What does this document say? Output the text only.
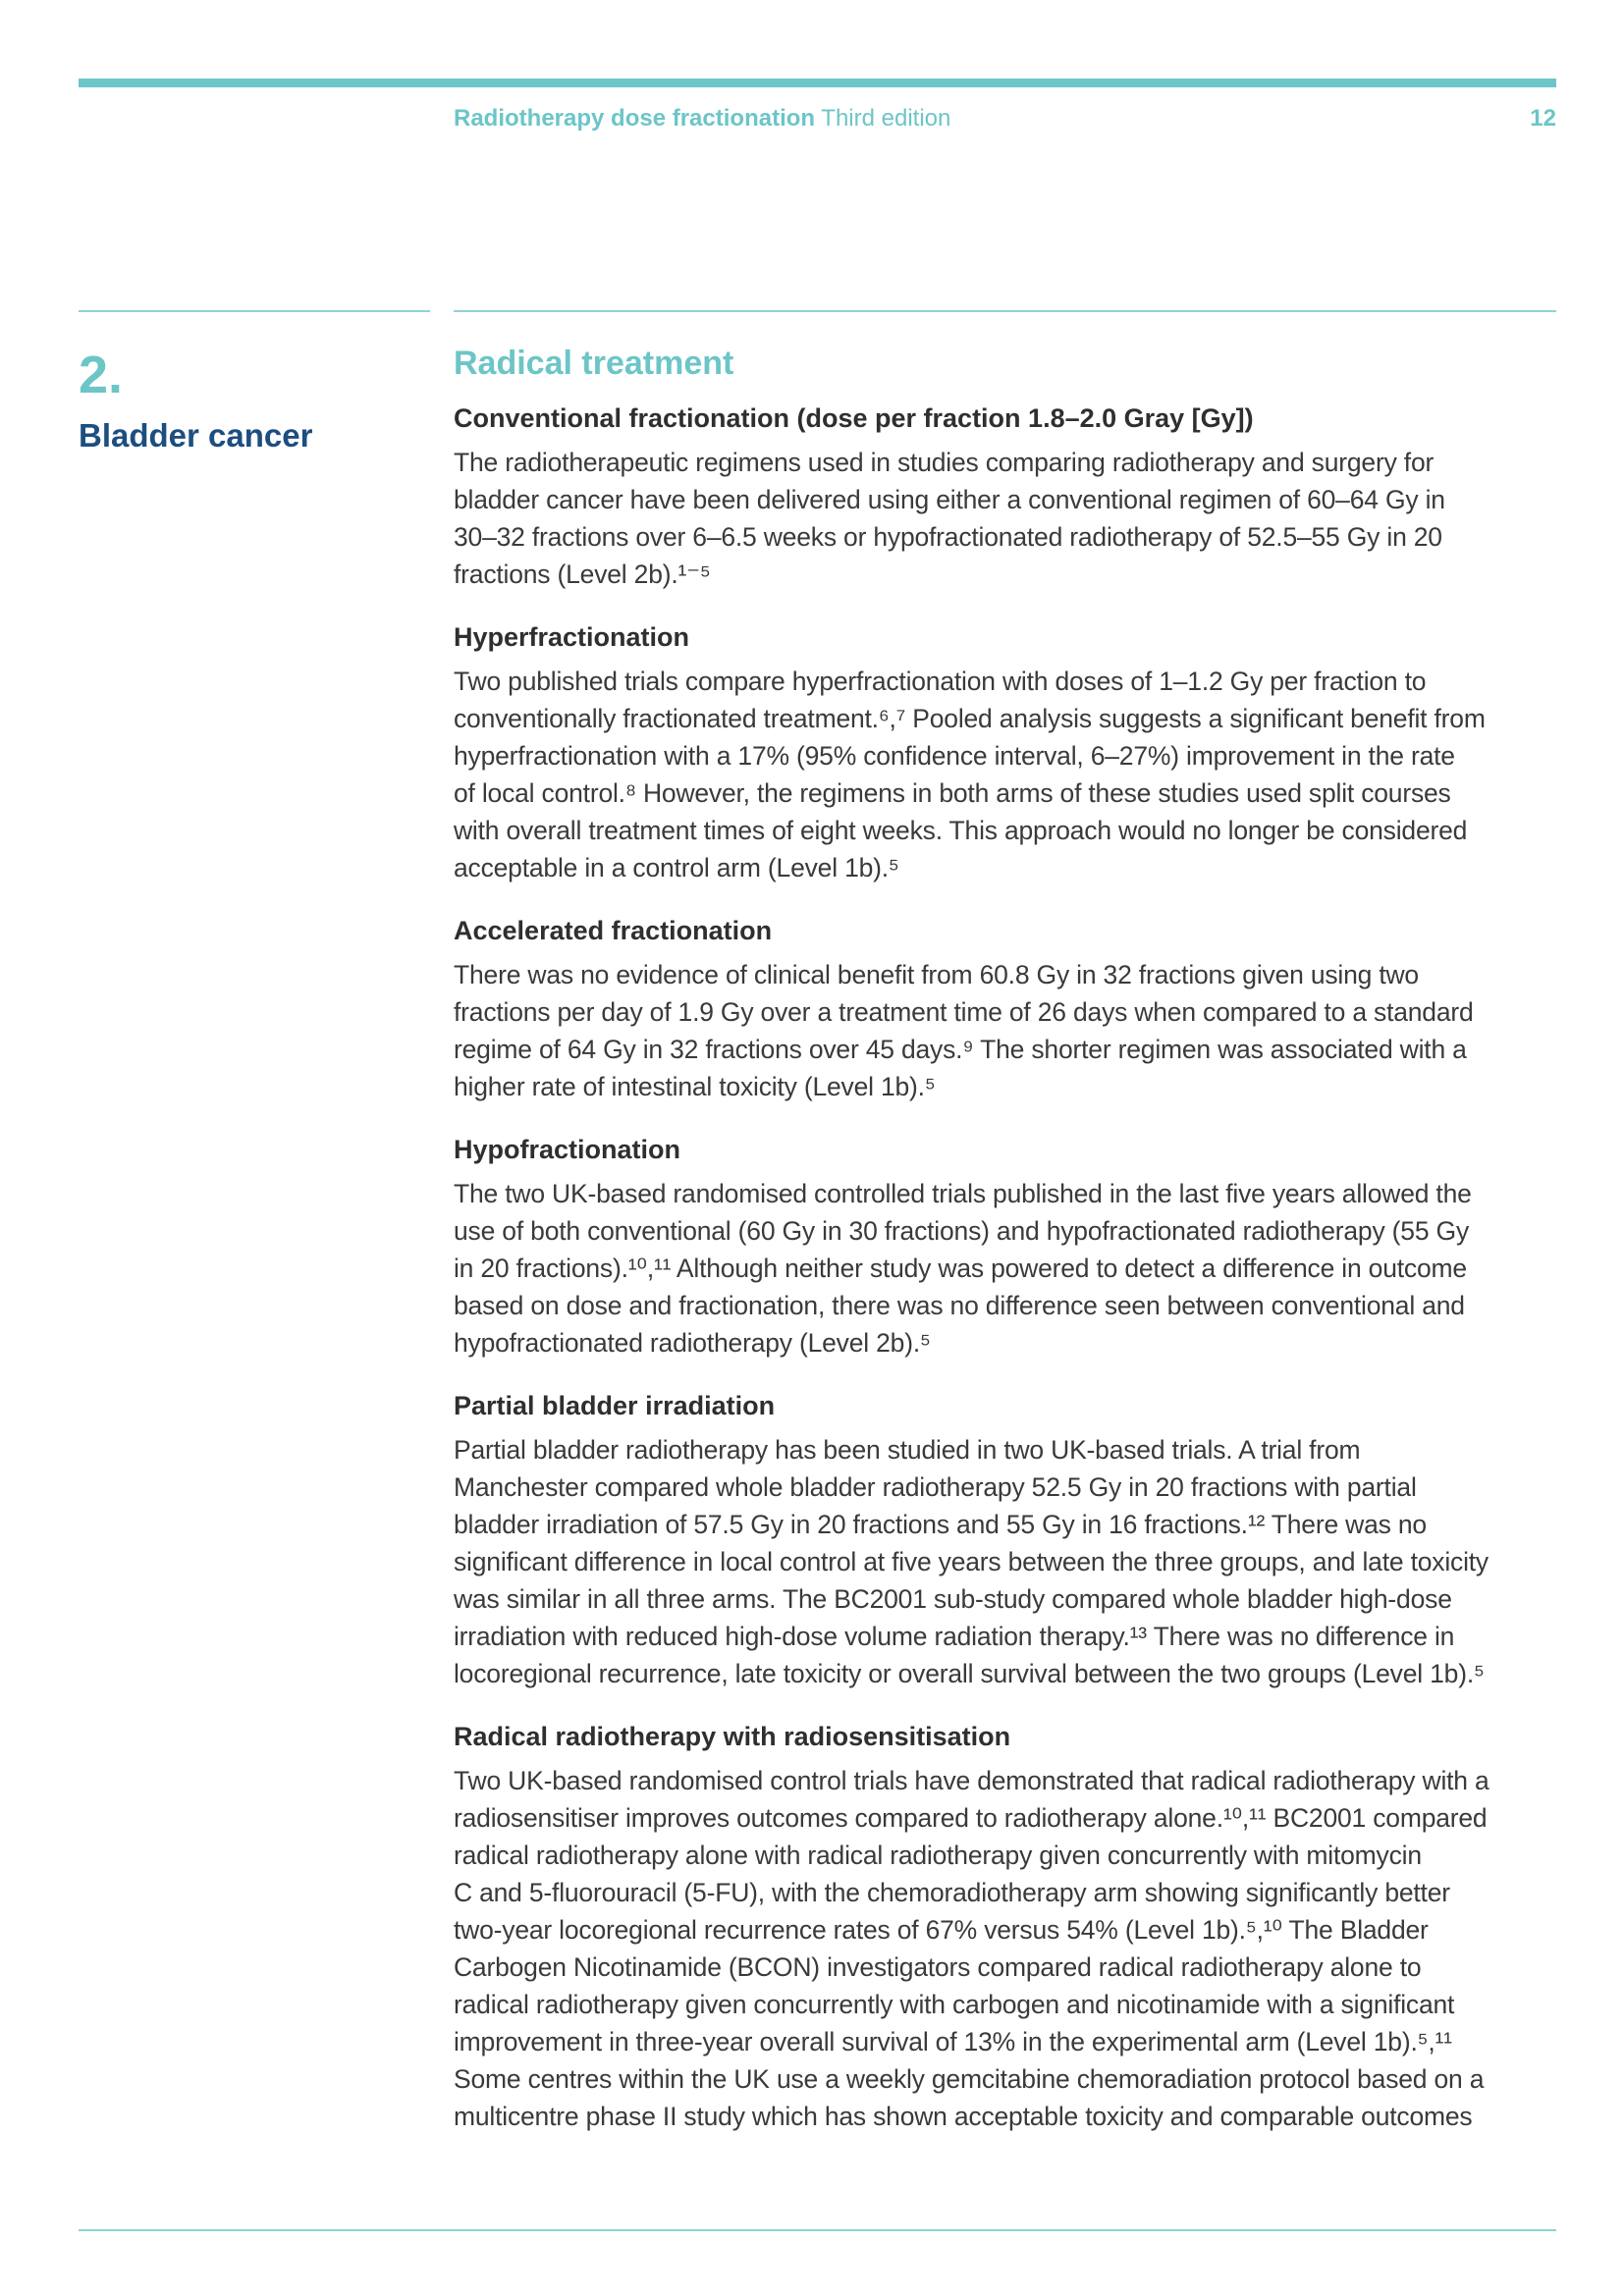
Radiotherapy dose fractionation Third edition	12
2.
Bladder cancer
Radical treatment
Conventional fractionation (dose per fraction 1.8–2.0 Gray [Gy])
The radiotherapeutic regimens used in studies comparing radiotherapy and surgery for
bladder cancer have been delivered using either a conventional regimen of 60–64 Gy in
30–32 fractions over 6–6.5 weeks or hypofractionated radiotherapy of 52.5–55 Gy in 20
fractions (Level 2b).¹⁻⁵
Hyperfractionation
Two published trials compare hyperfractionation with doses of 1–1.2 Gy per fraction to
conventionally fractionated treatment.⁶,⁷ Pooled analysis suggests a significant benefit from
hyperfractionation with a 17% (95% confidence interval, 6–27%) improvement in the rate
of local control.⁸ However, the regimens in both arms of these studies used split courses
with overall treatment times of eight weeks. This approach would no longer be considered
acceptable in a control arm (Level 1b).⁵
Accelerated fractionation
There was no evidence of clinical benefit from 60.8 Gy in 32 fractions given using two
fractions per day of 1.9 Gy over a treatment time of 26 days when compared to a standard
regime of 64 Gy in 32 fractions over 45 days.⁹ The shorter regimen was associated with a
higher rate of intestinal toxicity (Level 1b).⁵
Hypofractionation
The two UK-based randomised controlled trials published in the last five years allowed the
use of both conventional (60 Gy in 30 fractions) and hypofractionated radiotherapy (55 Gy
in 20 fractions).¹⁰,¹¹ Although neither study was powered to detect a difference in outcome
based on dose and fractionation, there was no difference seen between conventional and
hypofractionated radiotherapy (Level 2b).⁵
Partial bladder irradiation
Partial bladder radiotherapy has been studied in two UK-based trials. A trial from
Manchester compared whole bladder radiotherapy 52.5 Gy in 20 fractions with partial
bladder irradiation of 57.5 Gy in 20 fractions and 55 Gy in 16 fractions.¹² There was no
significant difference in local control at five years between the three groups, and late toxicity
was similar in all three arms. The BC2001 sub-study compared whole bladder high-dose
irradiation with reduced high-dose volume radiation therapy.¹³ There was no difference in
locoregional recurrence, late toxicity or overall survival between the two groups (Level 1b).⁵
Radical radiotherapy with radiosensitisation
Two UK-based randomised control trials have demonstrated that radical radiotherapy with a
radiosensitiser improves outcomes compared to radiotherapy alone.¹⁰,¹¹ BC2001 compared
radical radiotherapy alone with radical radiotherapy given concurrently with mitomycin
C and 5-fluorouracil (5-FU), with the chemoradiotherapy arm showing significantly better
two-year locoregional recurrence rates of 67% versus 54% (Level 1b).⁵,¹⁰ The Bladder
Carbogen Nicotinamide (BCON) investigators compared radical radiotherapy alone to
radical radiotherapy given concurrently with carbogen and nicotinamide with a significant
improvement in three-year overall survival of 13% in the experimental arm (Level 1b).⁵,¹¹
Some centres within the UK use a weekly gemcitabine chemoradiation protocol based on a
multicentre phase II study which has shown acceptable toxicity and comparable outcomes
